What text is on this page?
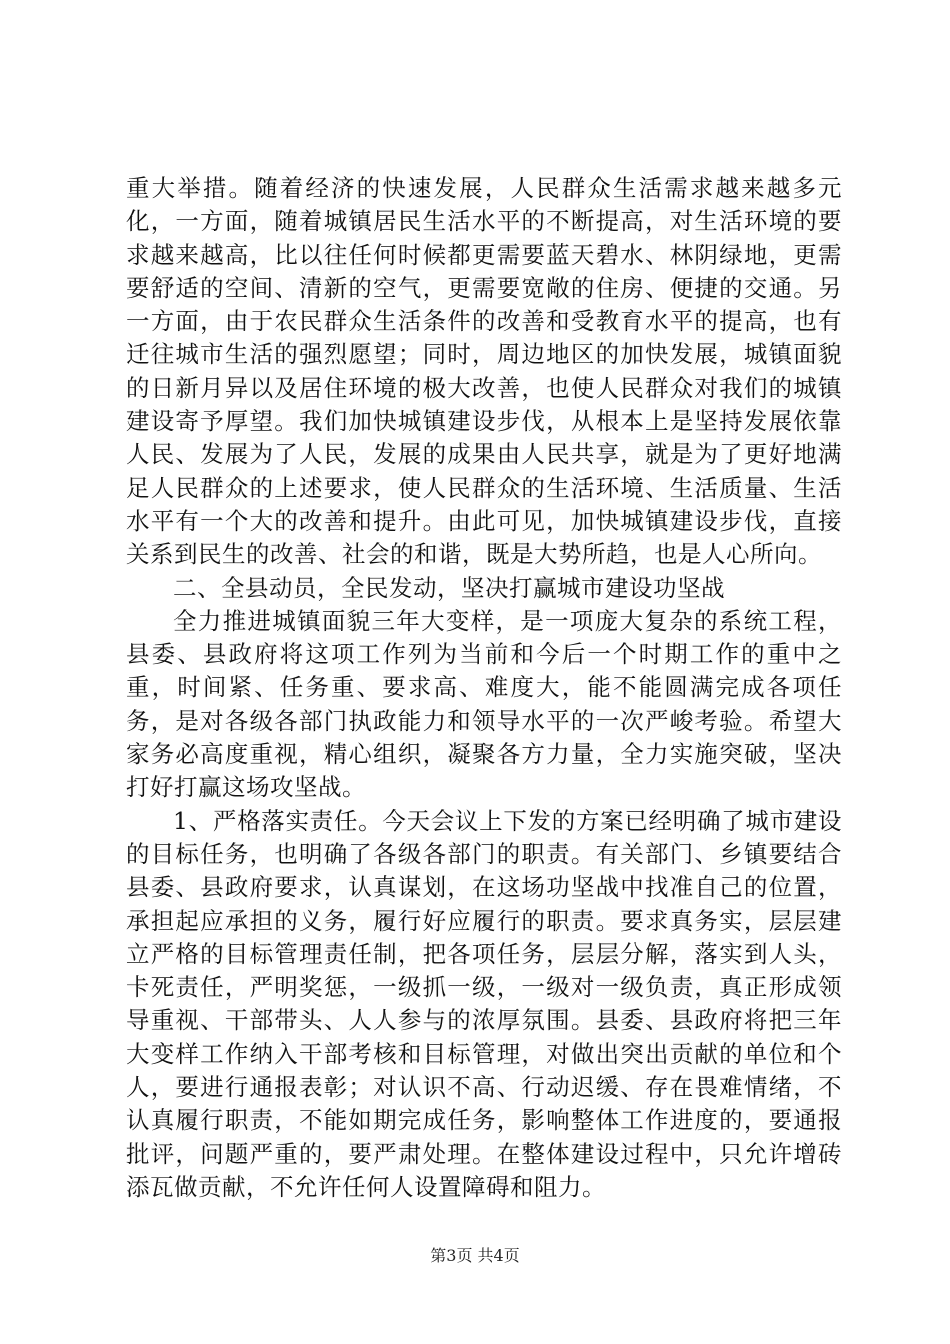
重大举措。随着经济的快速发展，人民群众生活需求越来越多元化，一方面，随着城镇居民生活水平的不断提高，对生活环境的要求越来越高，比以往任何时候都更需要蓝天碧水、林阴绿地，更需要舒适的空间、清新的空气，更需要宽敞的住房、便捷的交通。另一方面，由于农民群众生活条件的改善和受教育水平的提高，也有迁往城市生活的强烈愿望；同时，周边地区的加快发展，城镇面貌的日新月异以及居住环境的极大改善，也使人民群众对我们的城镇建设寄予厚望。我们加快城镇建设步伐，从根本上是坚持发展依靠人民、发展为了人民，发展的成果由人民共享，就是为了更好地满足人民群众的上述要求，使人民群众的生活环境、生活质量、生活水平有一个大的改善和提升。由此可见，加快城镇建设步伐，直接关系到民生的改善、社会的和谐，既是大势所趋，也是人心所向。

二、全县动员，全民发动，坚决打赢城市建设功坚战

全力推进城镇面貌三年大变样，是一项庞大复杂的系统工程，县委、县政府将这项工作列为当前和今后一个时期工作的重中之重，时间紧、任务重、要求高、难度大，能不能圆满完成各项任务，是对各级各部门执政能力和领导水平的一次严峻考验。希望大家务必高度重视，精心组织，凝聚各方力量，全力实施突破，坚决打好打赢这场攻坚战。

1、严格落实责任。今天会议上下发的方案已经明确了城市建设的目标任务，也明确了各级各部门的职责。有关部门、乡镇要结合县委、县政府要求，认真谋划，在这场功坚战中找准自己的位置，承担起应承担的义务，履行好应履行的职责。要求真务实，层层建立严格的目标管理责任制，把各项任务，层层分解，落实到人头，卡死责任，严明奖惩，一级抓一级，一级对一级负责，真正形成领导重视、干部带头、人人参与的浓厚氛围。县委、县政府将把三年大变样工作纳入干部考核和目标管理，对做出突出贡献的单位和个人，要进行通报表彰；对认识不高、行动迟缓、存在畏难情绪，不认真履行职责，不能如期完成任务，影响整体工作进度的，要通报批评，问题严重的，要严肃处理。在整体建设过程中，只允许增砖添瓦做贡献，不允许任何人设置障碍和阻力。

第3页 共4页
